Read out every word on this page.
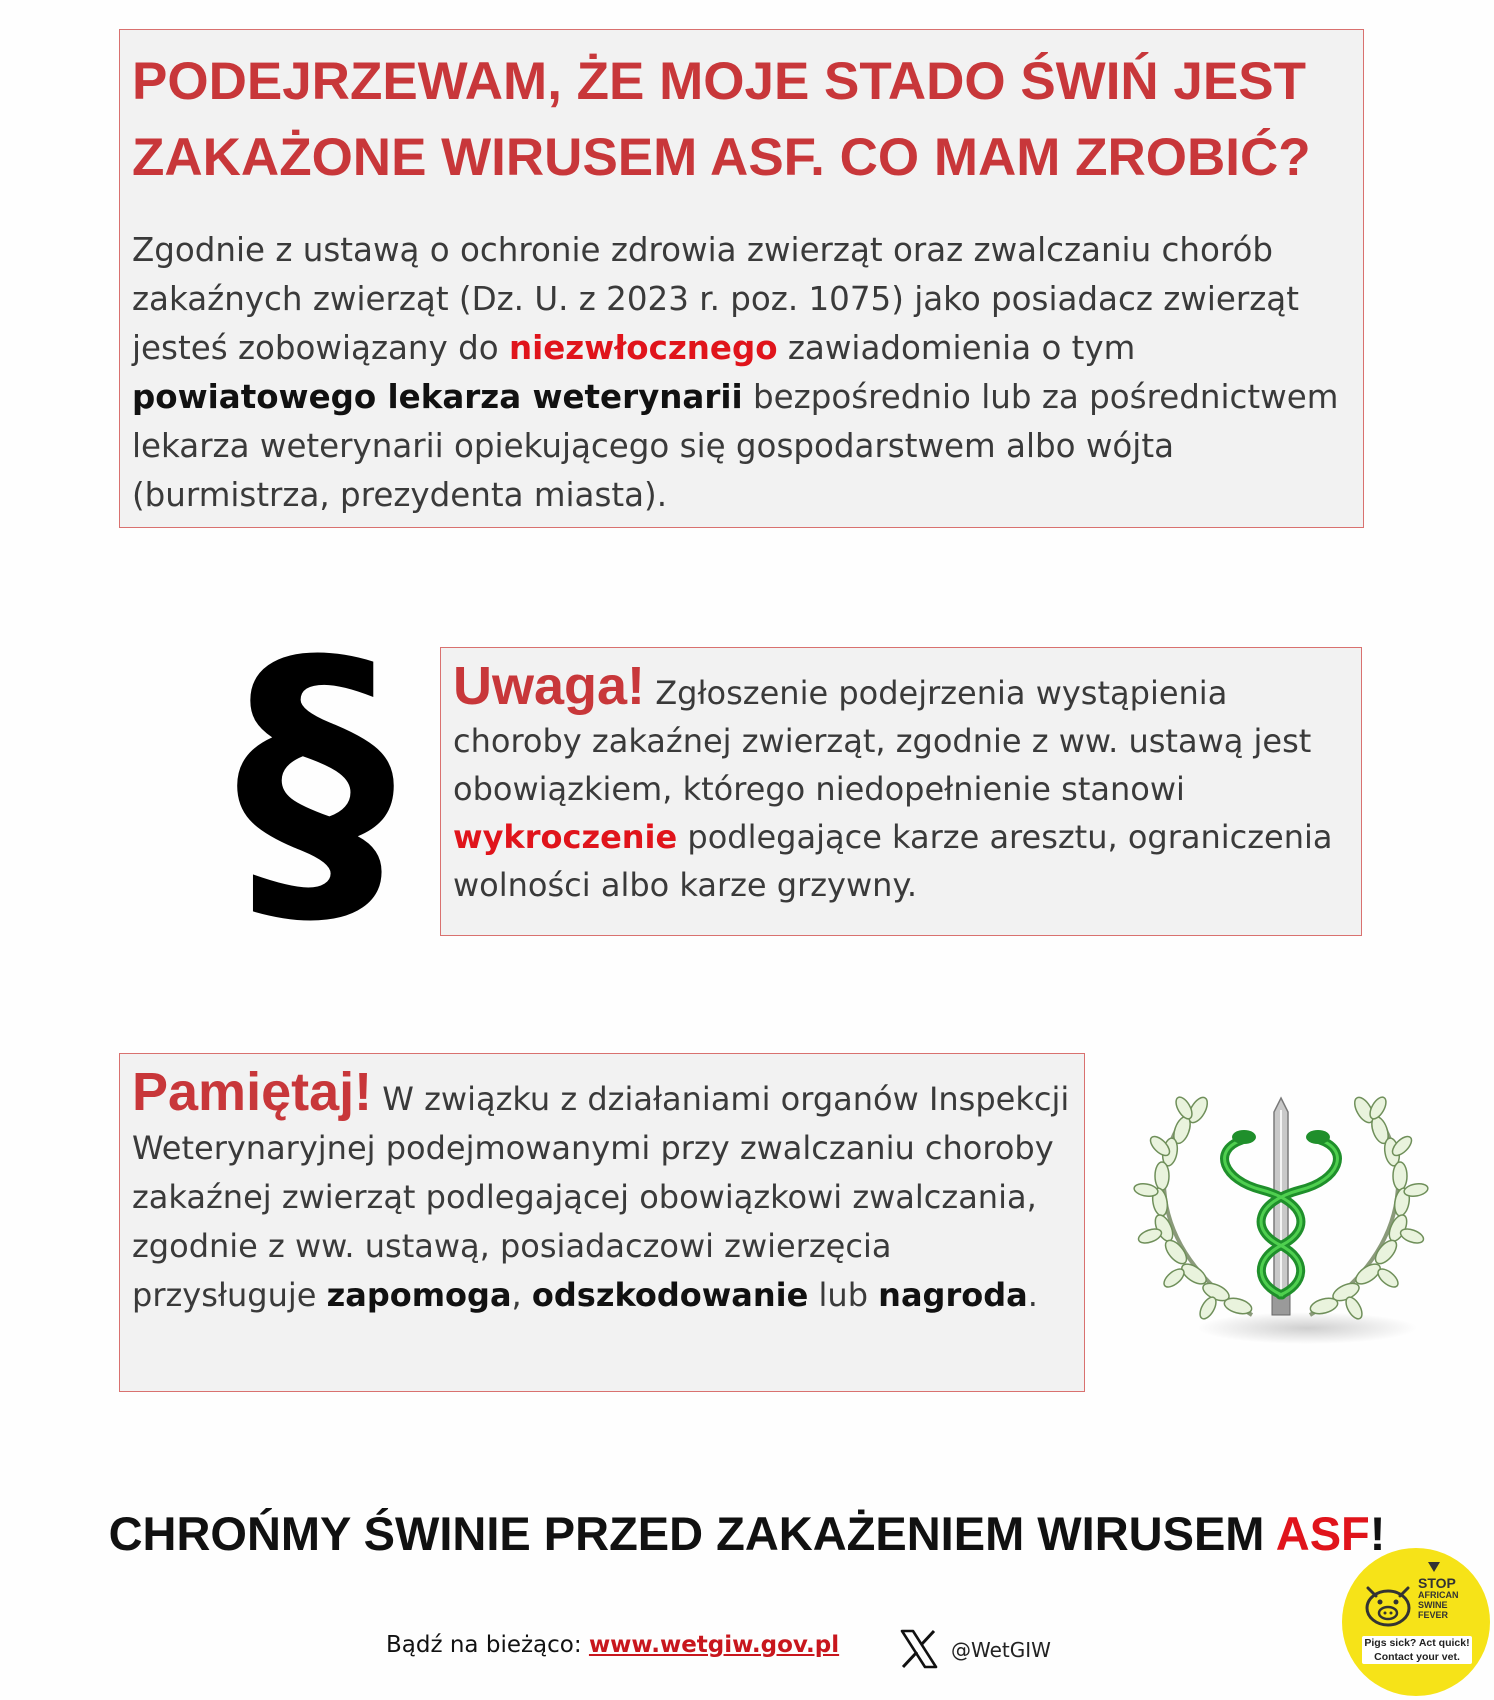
PODEJRZEWAM, ŻE MOJE STADO ŚWIŃ JEST
ZAKAŻONE WIRUSEM ASF. CO MAM ZROBIĆ?

Zgodnie z ustawą o ochronie zdrowia zwierząt oraz zwalczaniu chorób zakaźnych zwierząt (Dz. U. z 2023 r. poz. 1075) jako posiadacz zwierząt jesteś zobowiązany do niezwłocznego zawiadomienia o tym powiatowego lekarza weterynarii bezpośrednio lub za pośrednictwem lekarza weterynarii opiekującego się gospodarstwem albo wójta (burmistrza, prezydenta miasta).

§	Uwaga! Zgłoszenie podejrzenia wystąpienia choroby zakaźnej zwierząt, zgodnie z ww. ustawą jest obowiązkiem, którego niedopełnienie stanowi wykroczenie podlegające karze aresztu, ograniczenia wolności albo karze grzywny.

Pamiętaj! W związku z działaniami organów Inspekcji Weterynaryjnej podejmowanymi przy zwalczaniu choroby zakaźnej zwierząt podlegającej obowiązkowi zwalczania, zgodnie z ww. ustawą, posiadaczowi zwierzęcia przysługuje zapomoga, odszkodowanie lub nagroda.

CHROŃMY ŚWINIE PRZED ZAKAŻENIEM WIRUSEM ASF!
Bądź na bieżąco: www.wetgiw.gov.pl	@WetGIW
STOP
AFRICAN
SWINE
FEVER
Pigs sick? Act quick!
Contact your vet.
